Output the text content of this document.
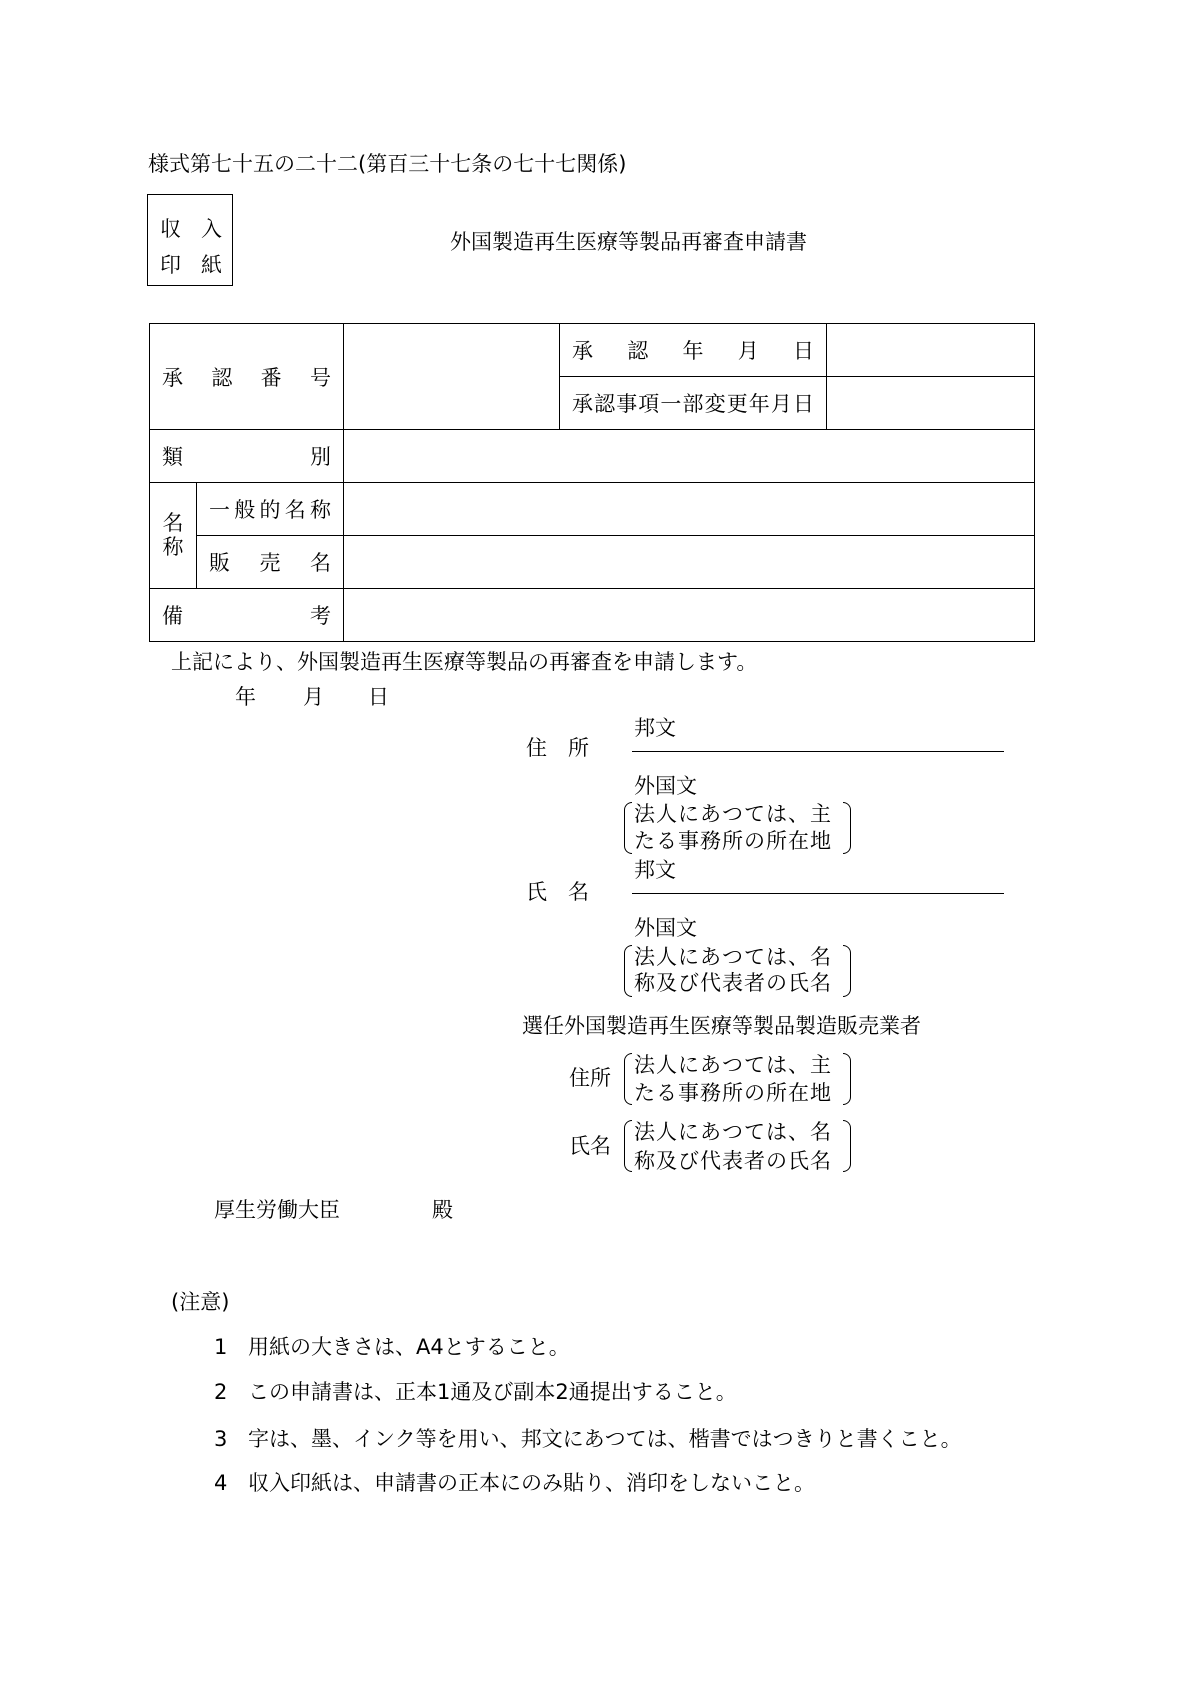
様式第七十五の二十二(第百三十七条の七十七関係)
収 入
印 紙
外国製造再生医療等製品再審査申請書
承認番号			承認年月日	

			承認事項一部変更年月日	

類別				

名称	一般的名称			

	販売名			

備考				

上記により、外国製造再生医療等製品の再審査を申請します。
年 月 日
住　所
邦文
外国文
法人にあつては、主
たる事務所の所在地
氏　名
邦文
外国文
法人にあつては、名
称及び代表者の氏名
選任外国製造再生医療等製品製造販売業者
住所
法人にあつては、主
たる事務所の所在地
氏名
法人にあつては、名
称及び代表者の氏名
厚生労働大臣	殿
(注意)
1 用紙の大きさは、A4とすること。
2 この申請書は、正本1通及び副本2通提出すること。
3 字は、墨、インク等を用い、邦文にあつては、楷書ではつきりと書くこと。
4 収入印紙は、申請書の正本にのみ貼り、消印をしないこと。
